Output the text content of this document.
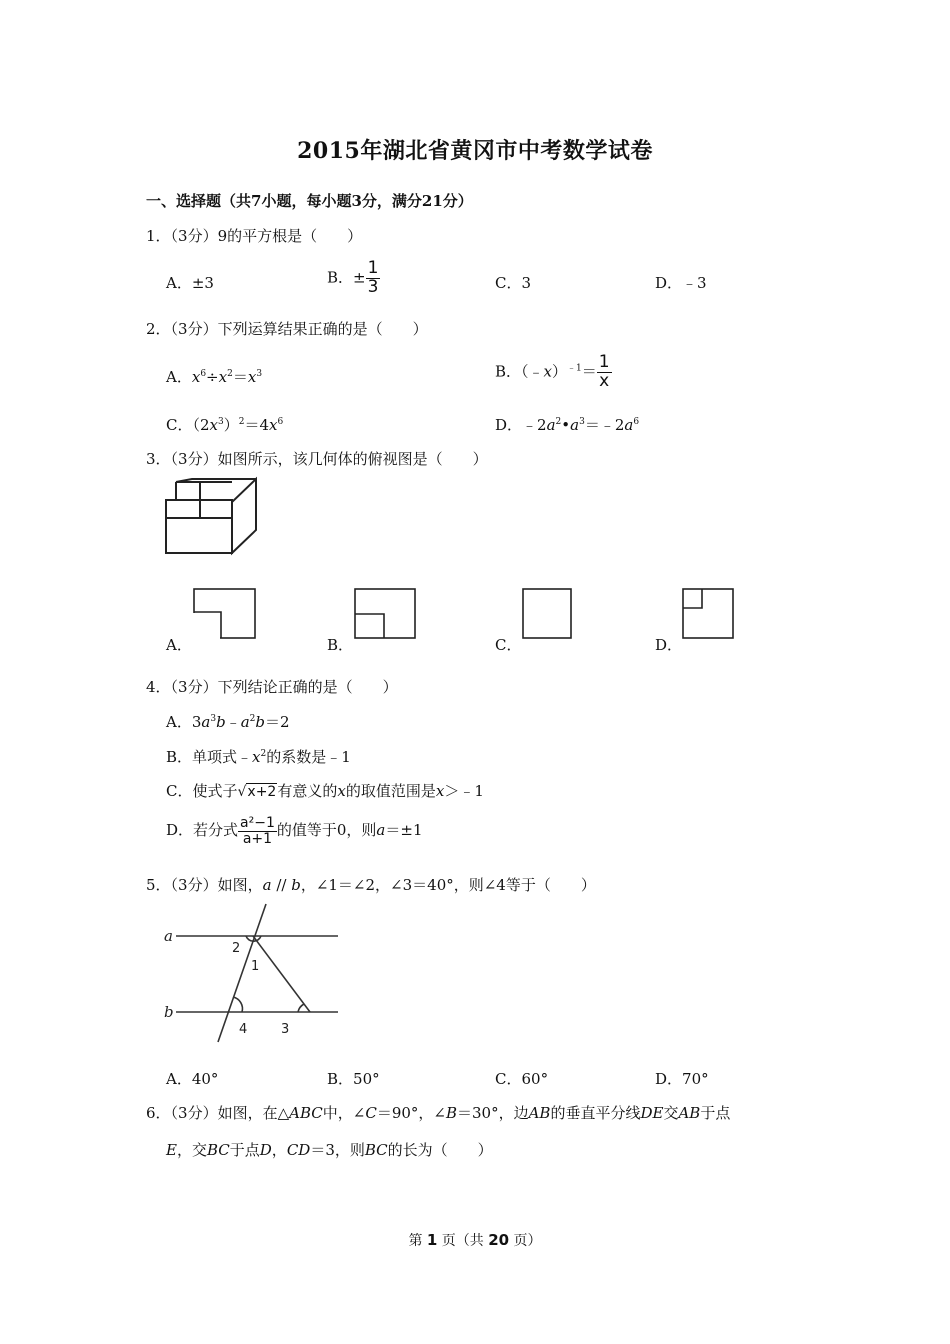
2015年湖北省黄冈市中考数学试卷
一、选择题（共7小题，每小题3分，满分21分）
1．（3分）9的平方根是（　　）
A．±3	B．± $\frac{1}{3}$	C．3	D．﹣3
2．（3分）下列运算结果正确的是（　　）
A．$x^6\div x^2=x^3$	B．（﹣x）$^{﹣1}$＝ $\frac{1}{x}$
C．$(2x^3)^2=4x^6$	D．$﹣2a^2•a^3=﹣2a^6$
3．（3分）如图所示，该几何体的俯视图是（　　）
A．	B．	C．	D．
4．（3分）下列结论正确的是（　　）
A．$3a^3b﹣a^2b=2$
B．单项式$﹣x^2$的系数是﹣1
C．使式子√x+2有意义的x的取值范围是x＞﹣1
D．若分式 $\frac{\text{a²−1}}{a+1}$ 的值等于0，则a＝±1
5．（3分）如图，a // b，∠1＝∠2，∠3＝40°，则∠4等于（　　）
a
b
2
1
3
4
A．40°	B．50°	C．60°	D．70°
6．（3分）如图，在△ABC中，∠C＝90°，∠B＝30°，边AB的垂直平分线DE交AB于点
E，交BC于点D，CD＝3，则BC的长为（　　）
第 1 页（共 20 页）
